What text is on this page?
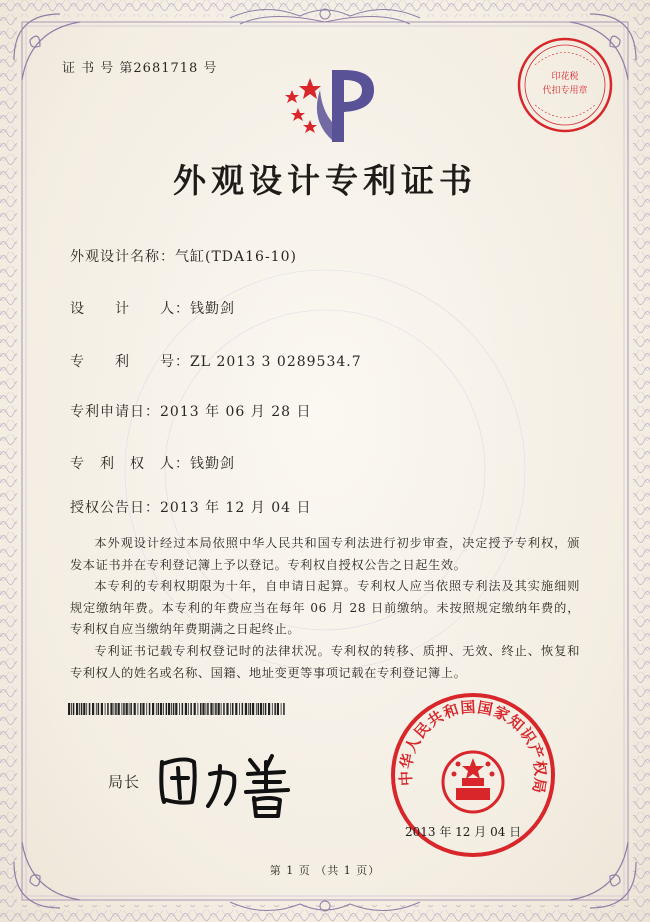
证 书 号 第2681718 号
印花税
代扣专用章
外观设计专利证书
外观设计名称：气缸(TDA16-10)
设　　计　　人：钱勤剑
专　　利　　号：ZL 2013 3 0289534.7
专利申请日：2013 年 06 月 28 日
专　利　权　人：钱勤剑
授权公告日：2013 年 12 月 04 日
本外观设计经过本局依照中华人民共和国专利法进行初步审查，决定授予专利权，颁发本证书并在专利登记簿上予以登记。专利权自授权公告之日起生效。
本专利的专利权期限为十年，自申请日起算。专利权人应当依照专利法及其实施细则规定缴纳年费。本专利的年费应当在每年 06 月 28 日前缴纳。未按照规定缴纳年费的，专利权自应当缴纳年费期满之日起终止。
专利证书记载专利权登记时的法律状况。专利权的转移、质押、无效、终止、恢复和专利权人的姓名或名称、国籍、地址变更等事项记载在专利登记簿上。
局长	中华人民共和国国家知识产权局
2013 年 12 月 04 日
第 1 页 （共 1 页）
